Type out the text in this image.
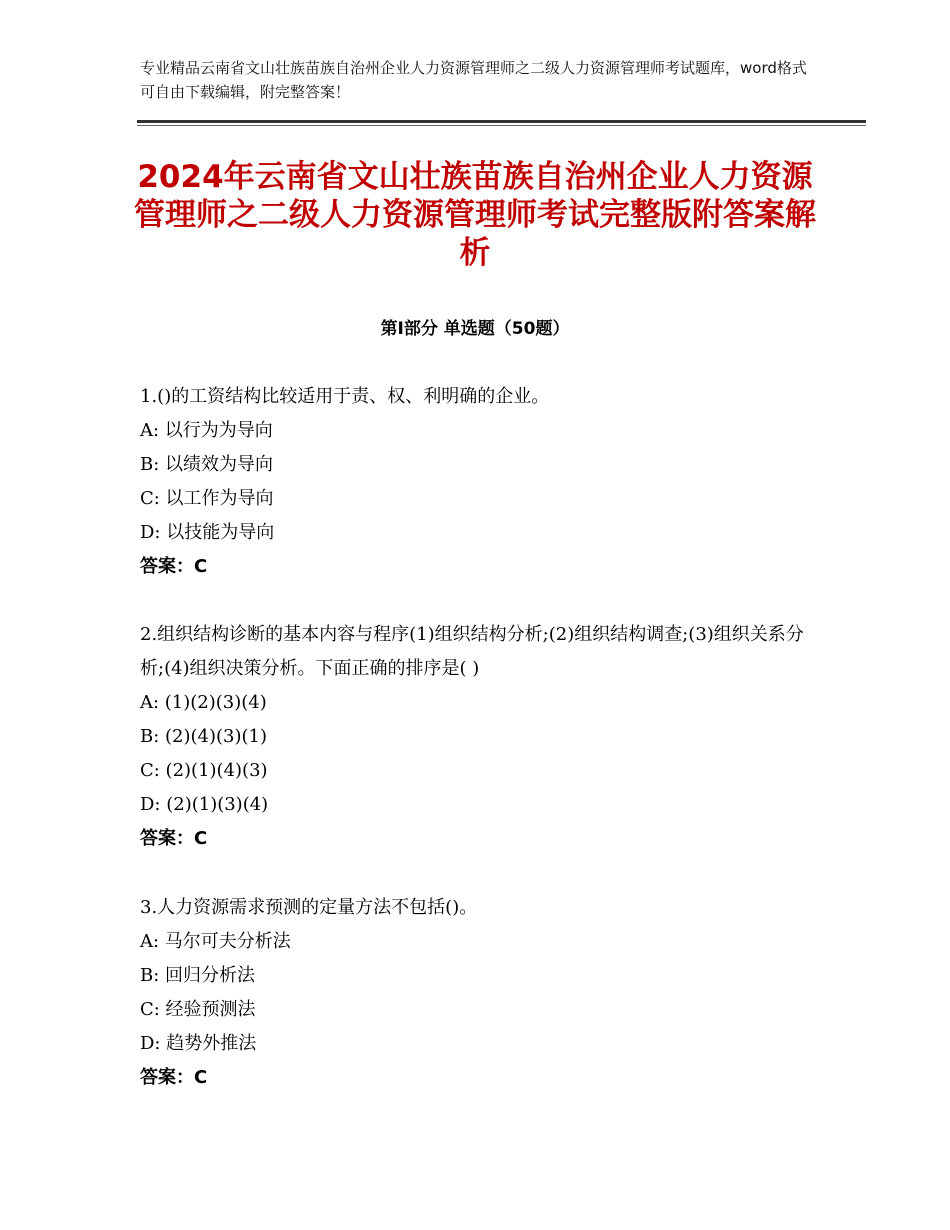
专业精品云南省文山壮族苗族自治州企业人力资源管理师之二级人力资源管理师考试题库，word格式可自由下载编辑，附完整答案！
2024年云南省文山壮族苗族自治州企业人力资源管理师之二级人力资源管理师考试完整版附答案解析
第Ⅰ部分 单选题（50题）
1.()的工资结构比较适用于责、权、利明确的企业。
A: 以行为为导向
B: 以绩效为导向
C: 以工作为导向
D: 以技能为导向
答案：C
2.组织结构诊断的基本内容与程序(1)组织结构分析;(2)组织结构调查;(3)组织关系分析;(4)组织决策分析。下面正确的排序是( )
A: (1)(2)(3)(4)
B: (2)(4)(3)(1)
C: (2)(1)(4)(3)
D: (2)(1)(3)(4)
答案：C
3.人力资源需求预测的定量方法不包括()。
A: 马尔可夫分析法
B: 回归分析法
C: 经验预测法
D: 趋势外推法
答案：C
